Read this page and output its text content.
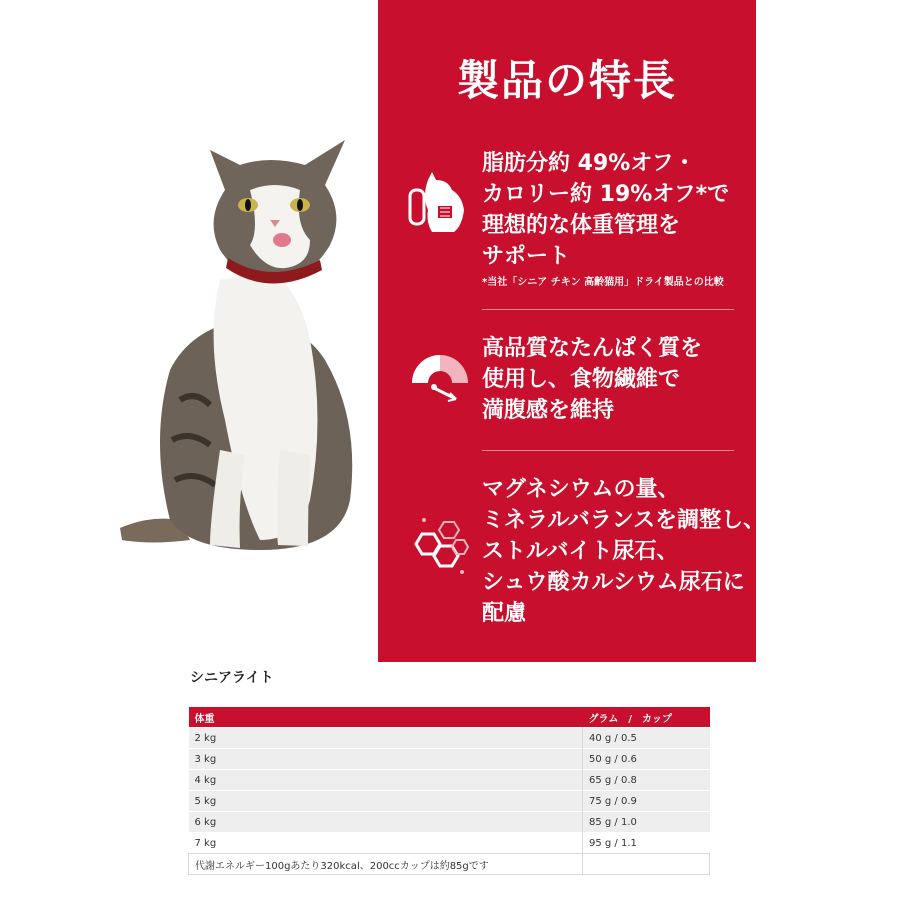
製品の特長
脂肪分約 49%オフ・
カロリー約 19%オフ*で
理想的な体重管理を
サポート
*当社「シニア チキン 高齢猫用」ドライ製品との比較
高品質なたんぱく質を
使用し、食物繊維で
満腹感を維持
マグネシウムの量、
ミネラルバランスを調整し、
ストルバイト尿石、
シュウ酸カルシウム尿石に
配慮
シニアライト
体重	グラム　/　カップ
2 kg	40 g / 0.5
3 kg	50 g / 0.6
4 kg	65 g / 0.8
5 kg	75 g / 0.9
6 kg	85 g / 1.0
7 kg	95 g / 1.1
代謝エネルギー100gあたり320kcal、200ccカップは約85gです	
